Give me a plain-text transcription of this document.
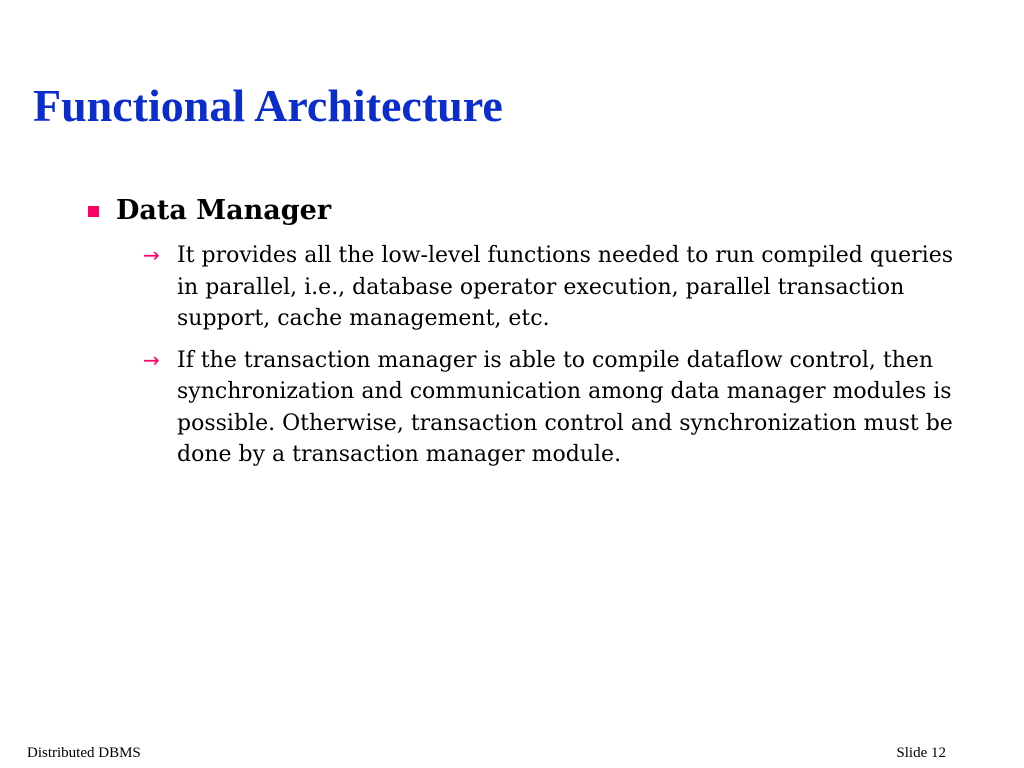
Functional Architecture
Data Manager
→ It provides all the low-level functions needed to run compiled queries in parallel, i.e., database operator execution, parallel transaction support, cache management, etc.
→ If the transaction manager is able to compile dataflow control, then synchronization and communication among data manager modules is possible. Otherwise, transaction control and synchronization must be done by a transaction manager module.
Distributed DBMS	Slide 12
